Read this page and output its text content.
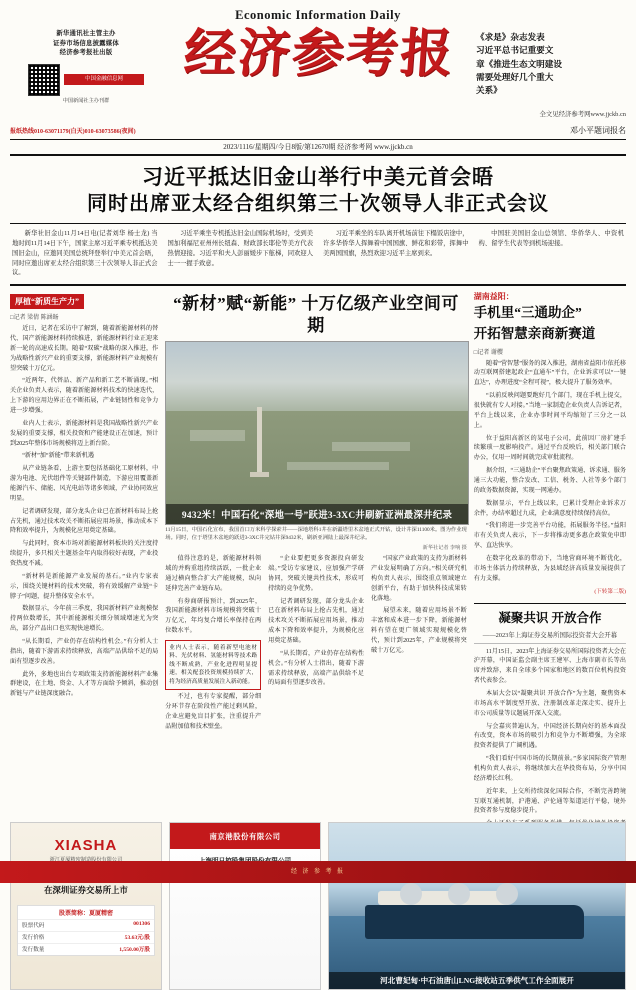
Economic Information Daily
新华通讯社主管主办
证券市场信息披露媒体
经济参考报社出版
中国金融信息网
中国新闻社主办刊群
经济参考报	《求是》杂志发表
习近平总书记重要文
章《推进生态文明建设
需要处理好几个重大
关系》
全文见经济参考网www.jjckb.cn
报纸热线010-63071179(白天)010-63073586(夜间)	邓小平题词报名
2023/1116/星期四/今日8版/第12670期 经济参考网 www.jjckb.cn
习近平抵达旧金山举行中美元首会晤
同时出席亚太经合组织第三十次领导人非正式会议

新华社旧金山11月14日电(记者刘华 杨士龙) 当地时间11月14日下午，国家主席习近平乘专机抵达美国旧金山，应邀同美国总统拜登举行中美元首会晤，同时应邀出席亚太经合组织第三十次领导人非正式会议。

习近平乘坐专机抵达旧金山国际机场时，受到美国加利福尼亚州州长纽森、财政部长耶伦等美方代表热情迎接。习近平和夫人彭丽媛步下舷梯，同欢迎人士一一握手致意。

习近平乘坐的车队离开机场前往下榻饭店途中，许多华侨华人挥舞着中国国旗、鲜花和彩带，挥舞中美两国国旗，热烈欢迎习近平主席到来。

中国驻美国旧金山总领馆、华侨华人、中资机构、留学生代表等到机场迎接。

厚植“新质生产力”
□记者 梁倩 陈涵旸

近日，记者在采访中了解到，随着新能源材料的替代、国产新能源材料持续推进，新能源材料行业正迎来新一轮的高速成长期。随着“双碳”战略的深入推进，作为战略性新兴产业的重要支撑，新能源材料产业规模有望突破十万亿元。

“近两年，代替品、新产品和新工艺不断涌现。”相关企业负责人表示，随着新能源材料技术的快速迭代，上下游的应用边界正在不断拓展，产业链韧性和竞争力进一步增强。

业内人士表示，新能源材料是我国战略性新兴产业发展的重要支撑，相关投资和产能建设正在加速，预计到2025年整体市场规模将迈上新台阶。

“新材”加“新能”带来新机遇

从产业链条看，上游主要包括基础化工原材料，中游为电池、光伏组件等关键部件制造，下游应用覆盖新能源汽车、储能、风光电站等诸多领域，产业协同效应明显。

记者调研发现，部分龙头企业已在新材料布局上抢占先机，通过技术攻关不断拓展应用场景，推动成本下降和效率提升，为规模化应用奠定基础。

与此同时，资本市场对新能源材料板块的关注度持续提升，多只相关主题基金年内取得较好表现，产业投资热度不减。

“新材料是新能源产业发展的基石。”业内专家表示，围绕关键材料的技术突破，将有效缓解产业链“卡脖子”问题，提升整体安全水平。

数据显示，今年前三季度，我国新材料产业规模保持两位数增长，其中新能源相关细分领域增速尤为突出，部分产品出口也实现快速增长。

“从长期看，产业仍存在结构性机会。”有分析人士指出，随着下游需求持续释放，高端产品供给不足的局面有望逐步改善。

此外，多地也出台专项政策支持新能源材料产业集群建设，在土地、资金、人才等方面给予倾斜，推动创新链与产业链深度融合。

“新材”赋“新能” 十万亿级产业空间可期
9432米！中国石化“深地一号”跃进3-3XC井刷新亚洲最深井纪录
11月15日，中国石化宣布，我国首口万米科学探索井——深地塔科1井在新疆塔里木盆地正式开钻，设计井深11100米。图为作业现场。同时，位于塔里木盆地的跃进3-3XC井完钻井深9432米，刷新亚洲陆上最深井纪录。
新华社记者 李响 摄

值得注意的是，新能源材料领域的并购重组持续活跃，一批企业通过横向整合扩大产能规模，纵向延伸完善产业链布局。

有券商研报预计，到2025年，我国新能源材料市场规模将突破十万亿元，年均复合增长率保持在两位数水平。

业内人士表示，随着新型电池材料、光伏材料、氢能材料等技术路线不断成熟，产业化进程明显提速，相关配套投资规模持续扩大，将为经济高质量发展注入新动能。

不过，也有专家提醒，部分细分环节存在阶段性产能过剩风险，企业应避免盲目扩张，注重提升产品附加值和技术壁垒。

“企业要把更多资源投向研发端。”受访专家建议，应加强产学研协同，突破关键共性技术，形成可持续的竞争优势。

记者调研发现，部分龙头企业已在新材料布局上抢占先机，通过技术攻关不断拓展应用场景，推动成本下降和效率提升，为规模化应用奠定基础。

“从长期看，产业仍存在结构性机会。”有分析人士指出，随着下游需求持续释放，高端产品供给不足的局面有望逐步改善。

“国家产业政策的支持为新材料产业发展明确了方向。”相关研究机构负责人表示，围绕重点领域建立创新平台，有助于加快科技成果转化落地。

展望未来，随着应用场景不断丰富和成本进一步下降，新能源材料有望在更广领域实现规模化替代，预计到2025年，产业规模将突破十万亿元。

湖南益阳：
手机里“三通助企”
开拓智慧亲商新赛道
□记者 谢樱

随着“营智慧”服务的深入推进，湖南省益阳市依托移动互联网搭建起政企“直通车”平台，企业诉求可以“一键直达”，办理进度“全程可视”，极大提升了服务效率。

“以前反映问题要跑好几个部门，现在手机上提交，很快就有专人对接。”当地一家制造企业负责人告诉记者，平台上线以来，企业办事时间平均缩短了三分之一以上。

位于益阳高新区的某电子公司，此前因厂房扩建手续繁琐一度影响投产。通过平台反映后，相关部门联合办公，仅用一周时间就完成审批流程。

据介绍，“三通助企”平台聚焦政策通、诉求通、服务通三大功能，整合发改、工信、税务、人社等多个部门的政务数据资源，实现一网通办。

数据显示，平台上线以来，已累计受理企业诉求万余件，办结率超过九成，企业满意度持续保持高位。

“我们将进一步完善平台功能，拓展服务半径。”益阳市有关负责人表示，下一步将推动更多惠企政策免申即享、直达快享。

在数字化改革的带动下，当地营商环境不断优化，市场主体活力持续释放，为县域经济高质量发展提供了有力支撑。

(下转第二版)

凝聚共识 开放合作
——2023年上海证券交易所国际投资者大会开幕

11月15日，2023年上海证券交易所国际投资者大会在沪开幕，中国证监会副主席王建军、上海市副市长等出席并致辞，来自全球多个国家和地区的数百位机构投资者代表参会。

本届大会以“凝聚共识 开放合作”为主题，聚焦资本市场高水平制度型开放、注册制改革走深走实、提升上市公司质量等议题展开深入交流。

与会嘉宾普遍认为，中国经济长期向好的基本面没有改变，资本市场的吸引力和竞争力不断增强，为全球投资者提供了广阔机遇。

“我们看好中国市场的长期前景。”多家国际资产管理机构负责人表示，将继续加大在华投资布局，分享中国经济增长红利。

近年来，上交所持续深化国际合作，不断完善跨境互联互通机制，沪港通、沪伦通等渠道运行平稳，境外投资者参与度稳步提升。

XIASHA
在深圳证券交易所上市
股票简称：夏厦精密
股票代码	001306
发行价格	53.63元/股
发行数量	1,550.00万股
南京港股份有限公司
河北曹妃甸·中石油唐山LNG接收站五季供气工作全面展开
经 济 参 考 报
